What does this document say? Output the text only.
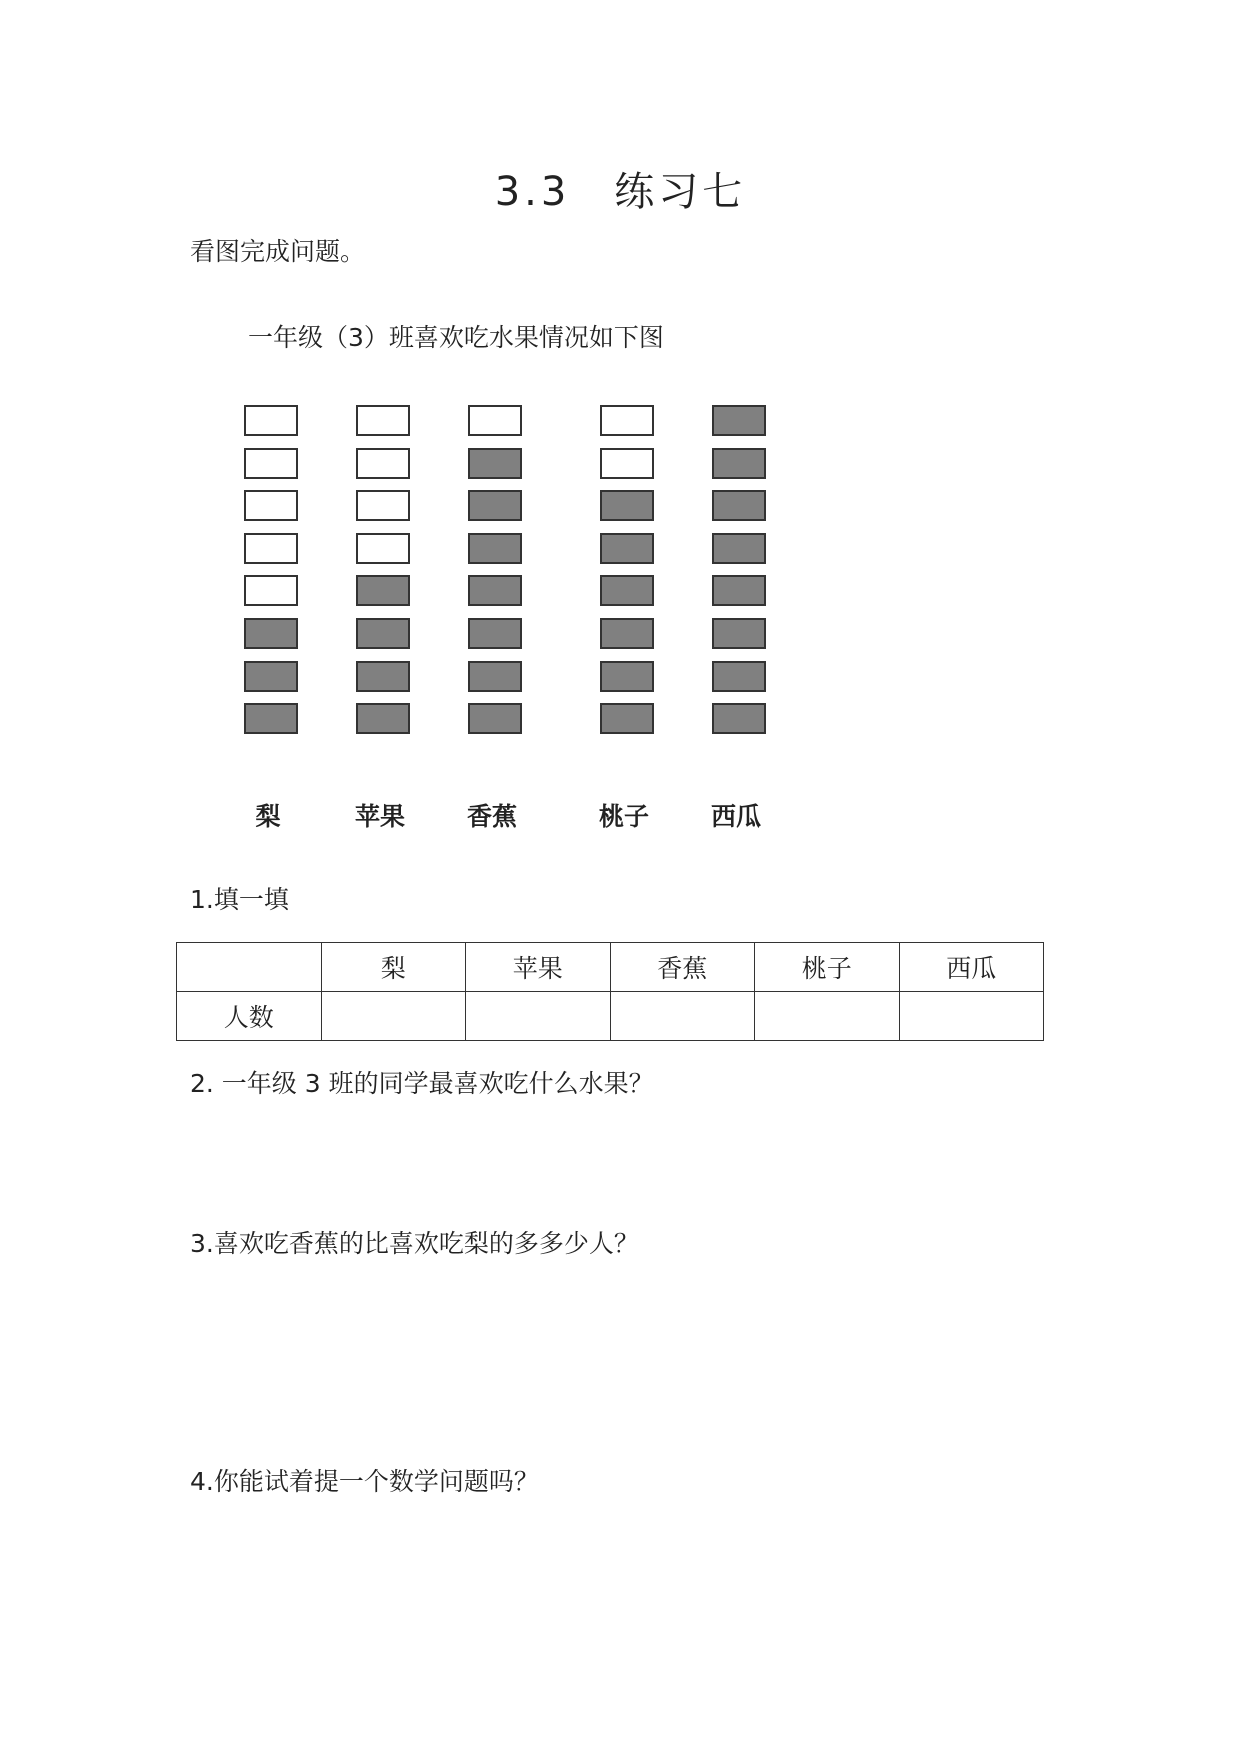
3.3　练习七
看图完成问题。
一年级（3）班喜欢吃水果情况如下图
梨	苹果	香蕉	桃子	西瓜
1.填一填
	梨	苹果	香蕉	桃子	西瓜
人数					
2. 一年级 3 班的同学最喜欢吃什么水果？
3.喜欢吃香蕉的比喜欢吃梨的多多少人？
4.你能试着提一个数学问题吗？
